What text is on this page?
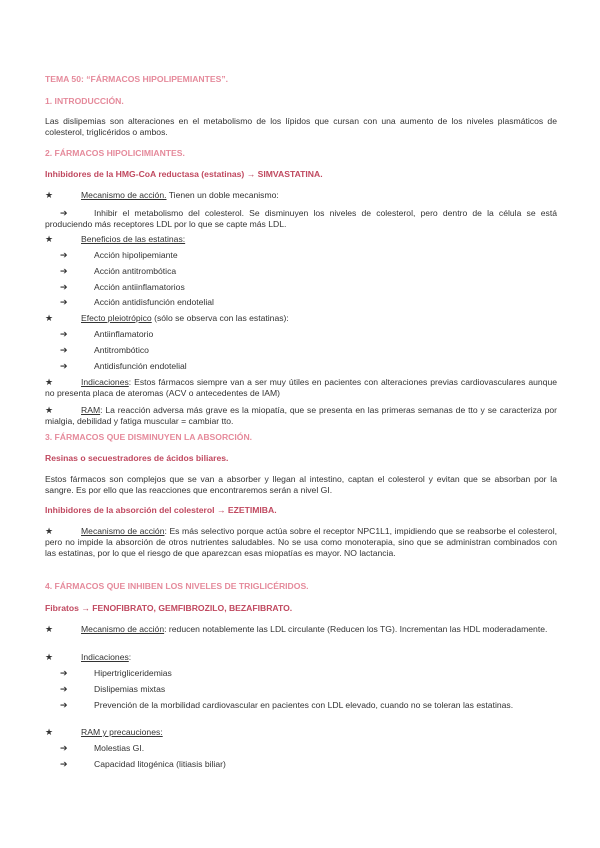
TEMA 50: “FÁRMACOS HIPOLIPEMIANTES”.
1. INTRODUCCIÓN.
Las dislipemias son alteraciones en el metabolismo de los lípidos que cursan con una aumento de los niveles plasmáticos de colesterol, triglicéridos o ambos.
2. FÁRMACOS HIPOLICIMIANTES.
Inhibidores de la HMG-CoA reductasa (estatinas) → SIMVASTATINA.
★	Mecanismo de acción. Tienen un doble mecanismo:
➔	Inhibir el metabolismo del colesterol. Se disminuyen los niveles de colesterol, pero dentro de la célula se está produciendo más receptores LDL por lo que se capte más LDL.
★	Beneficios de las estatinas:
➔	Acción hipolipemiante
➔	Acción antitrombótica
➔	Acción antiinflamatorios
➔	Acción antidisfunción endotelial
★	Efecto pleiotrópico (sólo se observa con las estatinas):
➔	Antiinflamatorio
➔	Antitrombótico
➔	Antidisfunción endotelial
★	Indicaciones: Estos fármacos siempre van a ser muy útiles en pacientes con alteraciones previas cardiovasculares aunque no presenta placa de ateromas (ACV o antecedentes de IAM)
★	RAM: La reacción adversa más grave es la miopatía, que se presenta en las primeras semanas de tto y se caracteriza por mialgia, debilidad y fatiga muscular = cambiar tto.
3. FÁRMACOS QUE DISMINUYEN LA ABSORCIÓN.
Resinas o secuestradores de ácidos biliares.
Estos fármacos son complejos que se van a absorber y llegan al intestino, captan el colesterol y evitan que se absorban por la sangre. Es por ello que las reacciones que encontraremos serán a nivel GI.
Inhibidores de la absorción del colesterol → EZETIMIBA.
★	Mecanismo de acción: Es más selectivo porque actúa sobre el receptor NPC1L1, impidiendo que se reabsorbe el colesterol, pero no impide la absorción de otros nutrientes saludables. No se usa como monoterapia, sino que se administran combinados con las estatinas, por lo que el riesgo de que aparezcan esas miopatías es mayor. NO lactancia.
4. FÁRMACOS QUE INHIBEN LOS NIVELES DE TRIGLICÉRIDOS.
Fibratos → FENOFIBRATO, GEMFIBROZILO, BEZAFIBRATO.
★	Mecanismo de acción: reducen notablemente las LDL circulante (Reducen los TG). Incrementan las HDL moderadamente.
★	Indicaciones:
➔	Hipertrigliceridemias
➔	Dislipemias mixtas
➔	Prevención de la morbilidad cardiovascular en pacientes con LDL elevado, cuando no se toleran las estatinas.
★	RAM y precauciones:
➔	Molestias GI.
➔	Capacidad litogénica (litiasis biliar)
